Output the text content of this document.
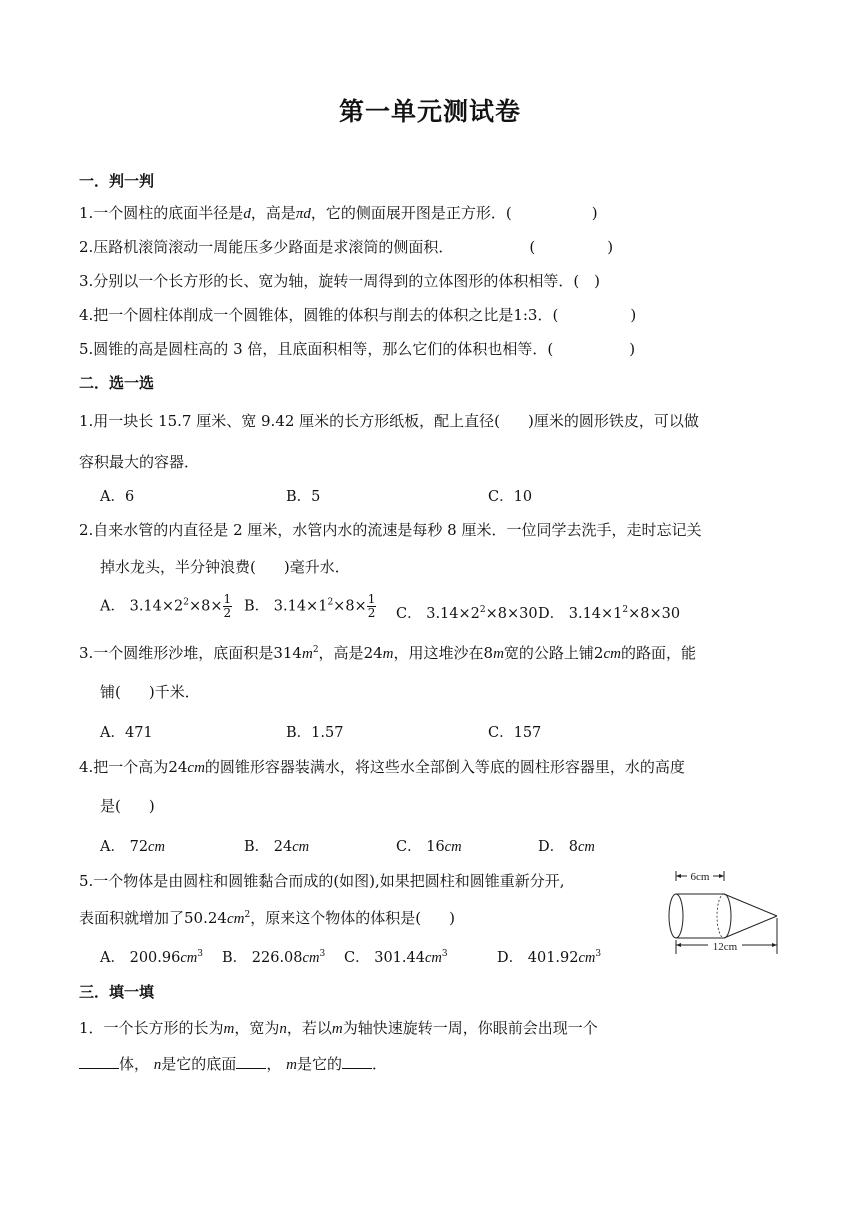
第一单元测试卷
一．判一判
1.一个圆柱的底面半径是d，高是πd，它的侧面展开图是正方形．(	)
2.压路机滚筒滚动一周能压多少路面是求滚筒的侧面积．	(	)
3.分别以一个长方形的长、宽为轴，旋转一周得到的立体图形的体积相等．(　)
4.把一个圆柱体削成一个圆锥体，圆锥的体积与削去的体积之比是1:3．(	)
5.圆锥的高是圆柱高的 3 倍，且底面积相等，那么它们的体积也相等．(	)
二．选一选
1.用一块长 15.7 厘米、宽 9.42 厘米的长方形纸板，配上直径( )厘米的圆形铁皮，可以做
容积最大的容器．
A．6	B．5	C．10
2.自来水管的内直径是 2 厘米，水管内水的流速是每秒 8 厘米．一位同学去洗手，走时忘记关
掉水龙头，半分钟浪费( )毫升水．
A． $3.14\times 2^2\times 8\times \frac{1}{2}$ B． $3.14\times 1^2\times 8\times \frac{1}{2}$ C． $3.14\times 2^2\times 8\times 30$ D． $3.14\times 1^2\times 8\times 30$
3.一个圆维形沙堆，底面积是$314m^2$，高是24m，用这堆沙在8m宽的公路上铺2cm的路面，能
铺( )千米．
A．471	B．1.57	C．157
4.把一个高为24cm的圆锥形容器装满水，将这些水全部倒入等底的圆柱形容器里，水的高度
是( )
A． 72cm	B． 24cm	C． 16cm	D． 8cm
5.一个物体是由圆柱和圆锥黏合而成的(如图),如果把圆柱和圆锥重新分开,
表面积就增加了$50.24cm^2$，原来这个物体的体积是( )
A． $200.96cm^3$ B． $226.08cm^3$ C． $301.44cm^3$	D． $401.92cm^3$
6cm
12cm
三．填一填
1．一个长方形的长为m，宽为n，若以m为轴快速旋转一周，你眼前会出现一个
体， n是它的底面 ， m是它的 ．
